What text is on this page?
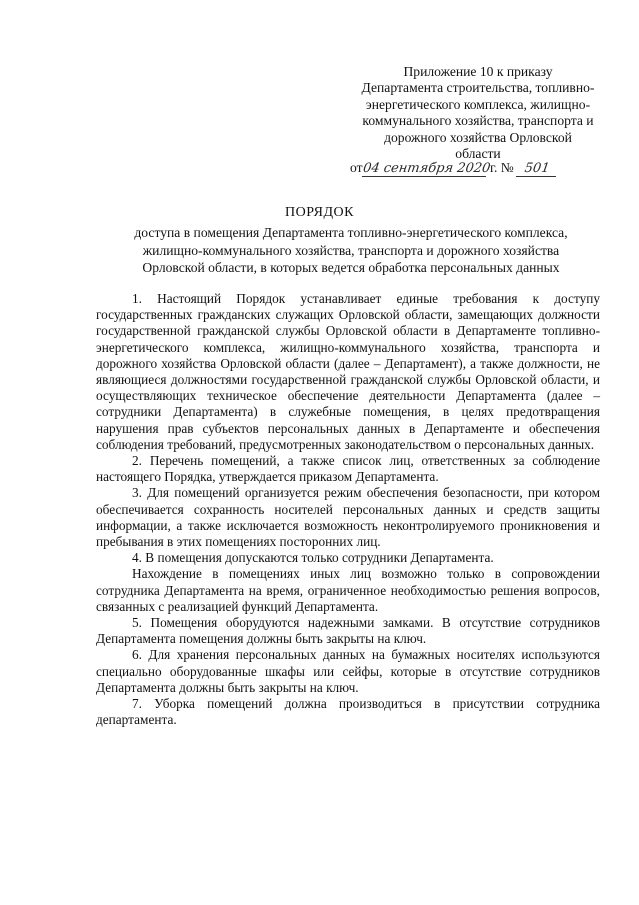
Приложение 10 к приказу
Департамента строительства, топливно-
энергетического комплекса, жилищно-
коммунального хозяйства, транспорта и
дорожного хозяйства Орловской
области
от04 сентября 2020 г. № 501
ПОРЯДОК
доступа в помещения Департамента топливно-энергетического комплекса,
жилищно-коммунального хозяйства, транспорта и дорожного хозяйства
Орловской области, в которых ведется обработка персональных данных

1. Настоящий Порядок устанавливает единые требования к доступу государственных гражданских служащих Орловской области, замещающих должности государственной гражданской службы Орловской области в Департаменте топливно-энергетического комплекса, жилищно-коммунального хозяйства, транспорта и дорожного хозяйства Орловской области (далее – Департамент), а также должности, не являющиеся должностями государственной гражданской службы Орловской области, и осуществляющих техническое обеспечение деятельности Департамента (далее – сотрудники Департамента) в служебные помещения, в целях предотвращения нарушения прав субъектов персональных данных в Департаменте и обеспечения соблюдения требований, предусмотренных законодательством о персональных данных.

2. Перечень помещений, а также список лиц, ответственных за соблюдение настоящего Порядка, утверждается приказом Департамента.

3. Для помещений организуется режим обеспечения безопасности, при котором обеспечивается сохранность носителей персональных данных и средств защиты информации, а также исключается возможность неконтролируемого проникновения и пребывания в этих помещениях посторонних лиц.

4. В помещения допускаются только сотрудники Департамента.

Нахождение в помещениях иных лиц возможно только в сопровождении сотрудника Департамента на время, ограниченное необходимостью решения вопросов, связанных с реализацией функций Департамента.

5. Помещения оборудуются надежными замками. В отсутствие сотрудников Департамента помещения должны быть закрыты на ключ.

6. Для хранения персональных данных на бумажных носителях используются специально оборудованные шкафы или сейфы, которые в отсутствие сотрудников Департамента должны быть закрыты на ключ.

7. Уборка помещений должна производиться в присутствии сотрудника департамента.
